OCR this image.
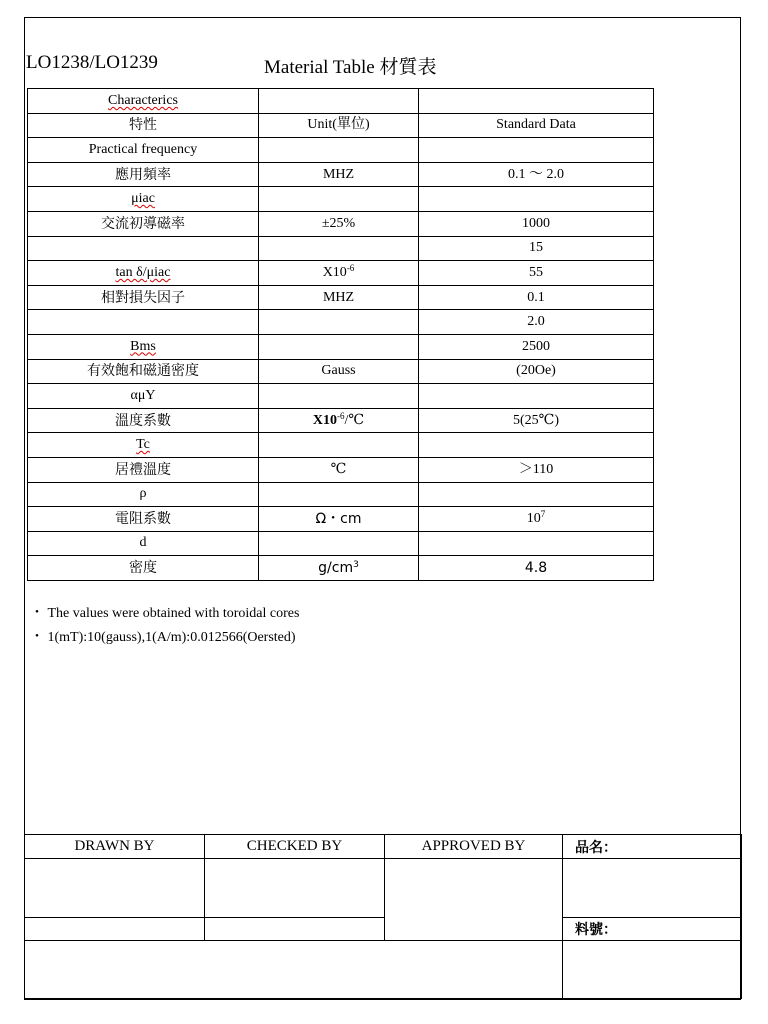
LO1238/LO1239	Material Table 材質表
Characterics		
特性	Unit(單位)	Standard Data
Practical frequency		
應用頻率	MHZ	0.1 ～ 2.0
μiac		
交流初導磁率	±25%	1000
		15
tan δ/μiac	$X10^{-6}$	55
相對損失因子	MHZ	0.1
		2.0
Bms		2500
有效飽和磁通密度	Gauss	(20Oe)
αμY		
溫度系數	$X10^{-6}/℃$	5(25℃)
Tc		
居禮溫度	℃	＞110
ρ		
電阻系數	Ω・cm	$10^7$
d		
密度	$g/cm^3$	4.8
・ The values were obtained with toroidal cores
・ 1(mT):10(gauss),1(A/m):0.012566(Oersted)
DRAWN BY	CHECKED BY	APPROVED BY	品名：

			料號：
